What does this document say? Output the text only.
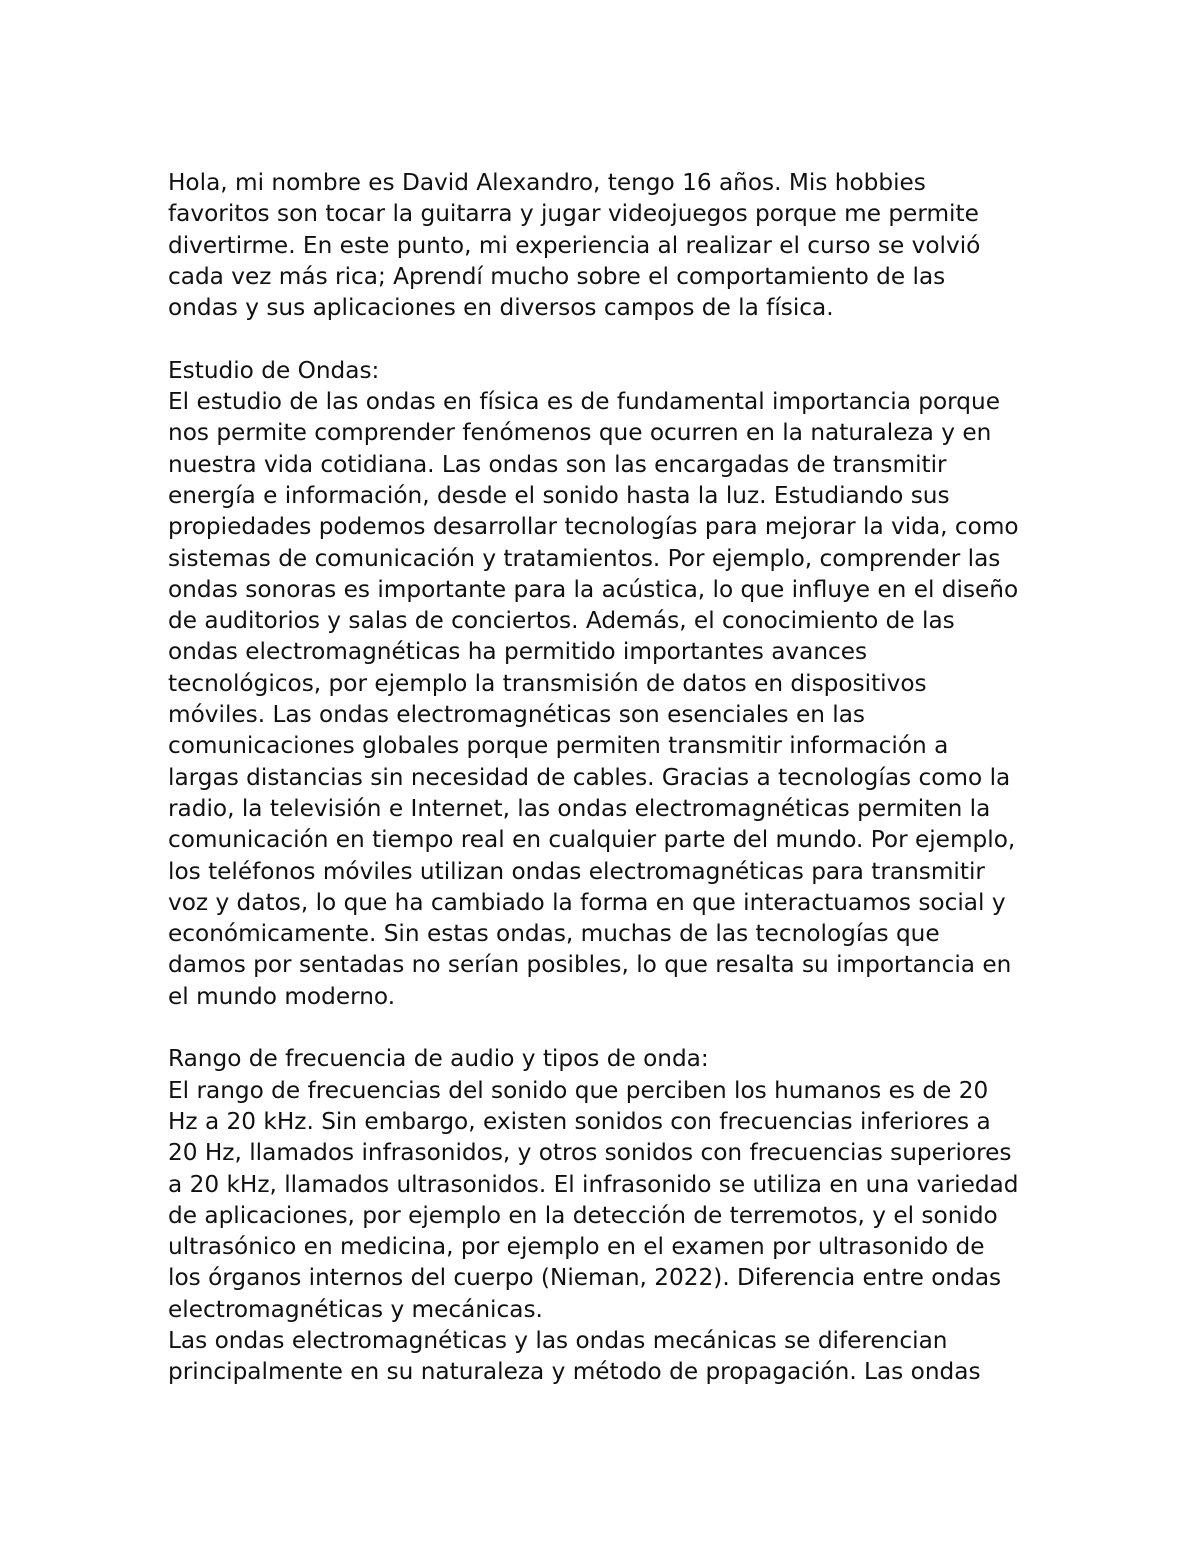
Hola, mi nombre es David Alexandro, tengo 16 años. Mis hobbies
favoritos son tocar la guitarra y jugar videojuegos porque me permite
divertirme. En este punto, mi experiencia al realizar el curso se volvió
cada vez más rica; Aprendí mucho sobre el comportamiento de las
ondas y sus aplicaciones en diversos campos de la física.
Estudio de Ondas:
El estudio de las ondas en física es de fundamental importancia porque
nos permite comprender fenómenos que ocurren en la naturaleza y en
nuestra vida cotidiana. Las ondas son las encargadas de transmitir
energía e información, desde el sonido hasta la luz. Estudiando sus
propiedades podemos desarrollar tecnologías para mejorar la vida, como
sistemas de comunicación y tratamientos. Por ejemplo, comprender las
ondas sonoras es importante para la acústica, lo que influye en el diseño
de auditorios y salas de conciertos. Además, el conocimiento de las
ondas electromagnéticas ha permitido importantes avances
tecnológicos, por ejemplo la transmisión de datos en dispositivos
móviles. Las ondas electromagnéticas son esenciales en las
comunicaciones globales porque permiten transmitir información a
largas distancias sin necesidad de cables. Gracias a tecnologías como la
radio, la televisión e Internet, las ondas electromagnéticas permiten la
comunicación en tiempo real en cualquier parte del mundo. Por ejemplo,
los teléfonos móviles utilizan ondas electromagnéticas para transmitir
voz y datos, lo que ha cambiado la forma en que interactuamos social y
económicamente. Sin estas ondas, muchas de las tecnologías que
damos por sentadas no serían posibles, lo que resalta su importancia en
el mundo moderno.
Rango de frecuencia de audio y tipos de onda:
El rango de frecuencias del sonido que perciben los humanos es de 20
Hz a 20 kHz. Sin embargo, existen sonidos con frecuencias inferiores a
20 Hz, llamados infrasonidos, y otros sonidos con frecuencias superiores
a 20 kHz, llamados ultrasonidos. El infrasonido se utiliza en una variedad
de aplicaciones, por ejemplo en la detección de terremotos, y el sonido
ultrasónico en medicina, por ejemplo en el examen por ultrasonido de
los órganos internos del cuerpo (Nieman, 2022). Diferencia entre ondas
electromagnéticas y mecánicas.
Las ondas electromagnéticas y las ondas mecánicas se diferencian
principalmente en su naturaleza y método de propagación. Las ondas
